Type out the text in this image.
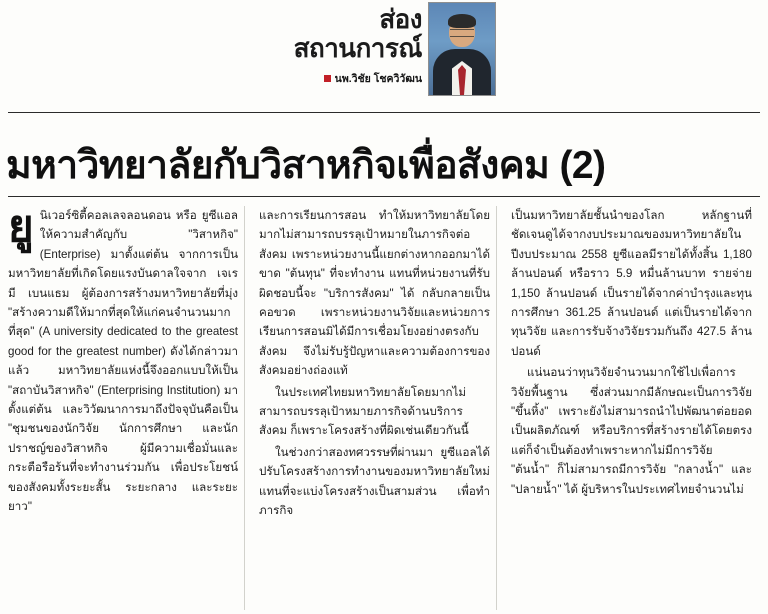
ส่อง
สถานการณ์
นพ.วิชัย โชควิวัฒน
มหาวิทยาลัยกับวิสาหกิจเพื่อสังคม (2)
ยู นิเวอร์ซิตี้คอลเลจลอนดอน หรือ ยูซีแอล ให้ความสำคัญกับ "วิสาหกิจ" (Enterprise) มาตั้งแต่ต้น จากการเป็นมหาวิทยาลัยที่เกิดโดยแรงบันดาลใจจาก เจเรมี เบนแธม ผู้ต้องการสร้างมหาวิทยาลัยที่มุ่ง "สร้างความดีให้มากที่สุดให้แก่คนจำนวนมากที่สุด" (A university dedicated to the greatest good for the greatest number) ดังได้กล่าวมาแล้ว มหาวิทยาลัยแห่งนี้จึงออกแบบให้เป็น "สถาบันวิสาหกิจ" (Enterprising Institution) มาตั้งแต่ต้น และวิวัฒนาการมาถึงปัจจุบันคือเป็น "ชุมชนของนักวิจัย นักการศึกษา และนักปราชญ์ของวิสาหกิจ ผู้มีความเชื่อมั่นและกระตือรือร้นที่จะทำงานร่วมกัน เพื่อประโยชน์ของสังคมทั้งระยะสั้น ระยะกลาง และระยะยาว"

และการเรียนการสอน ทำให้มหาวิทยาลัยโดยมากไม่สามารถบรรลุเป้าหมายในภารกิจต่อสังคม เพราะหน่วยงานนี้แยกต่างหากออกมาได้ ขาด "ต้นทุน" ที่จะทำงาน แทนที่หน่วยงานที่รับผิดชอบนี้จะ "บริการสังคม" ได้ กลับกลายเป็นคอขวด เพราะหน่วยงานวิจัยและหน่วยการเรียนการสอนมิได้มีการเชื่อมโยงอย่างตรงกับสังคม จึงไม่รับรู้ปัญหาและความต้องการของสังคมอย่างถ่องแท้

ในประเทศไทยมหาวิทยาลัยโดยมากไม่สามารถบรรลุเป้าหมายภารกิจด้านบริการสังคม ก็เพราะโครงสร้างที่ผิดเช่นเดียวกันนี้

ในช่วงกว่าสองทศวรรษที่ผ่านมา ยูซีแอลได้ปรับโครงสร้างการทำงานของมหาวิทยาลัยใหม่ แทนที่จะแบ่งโครงสร้างเป็นสามส่วน เพื่อทำภารกิจ

เป็นมหาวิทยาลัยชั้นนำของโลก หลักฐานที่ชัดเจนดูได้จากงบประมาณของมหาวิทยาลัยใน ปีงบประมาณ 2558 ยูซีแอลมีรายได้ทั้งสิ้น 1,180 ล้านปอนด์ หรือราว 5.9 หมื่นล้านบาท รายจ่าย 1,150 ล้านปอนด์ เป็นรายได้จากค่าบำรุงและทุนการศึกษา 361.25 ล้านปอนด์ แต่เป็นรายได้จากทุนวิจัย และการรับจ้างวิจัยรวมกันถึง 427.5 ล้านปอนด์

แน่นอนว่าทุนวิจัยจำนวนมากใช้ไปเพื่อการวิจัยพื้นฐาน ซึ่งส่วนมากมีลักษณะเป็นการวิจัย "ขึ้นหิ้ง" เพราะยังไม่สามารถนำไปพัฒนาต่อยอดเป็นผลิตภัณฑ์ หรือบริการที่สร้างรายได้โดยตรง แต่ก็จำเป็นต้องทำเพราะหากไม่มีการวิจัย "ต้นน้ำ" ก็ไม่สามารถมีการวิจัย "กลางน้ำ" และ "ปลายน้ำ" ได้ ผู้บริหารในประเทศไทยจำนวนไม่
